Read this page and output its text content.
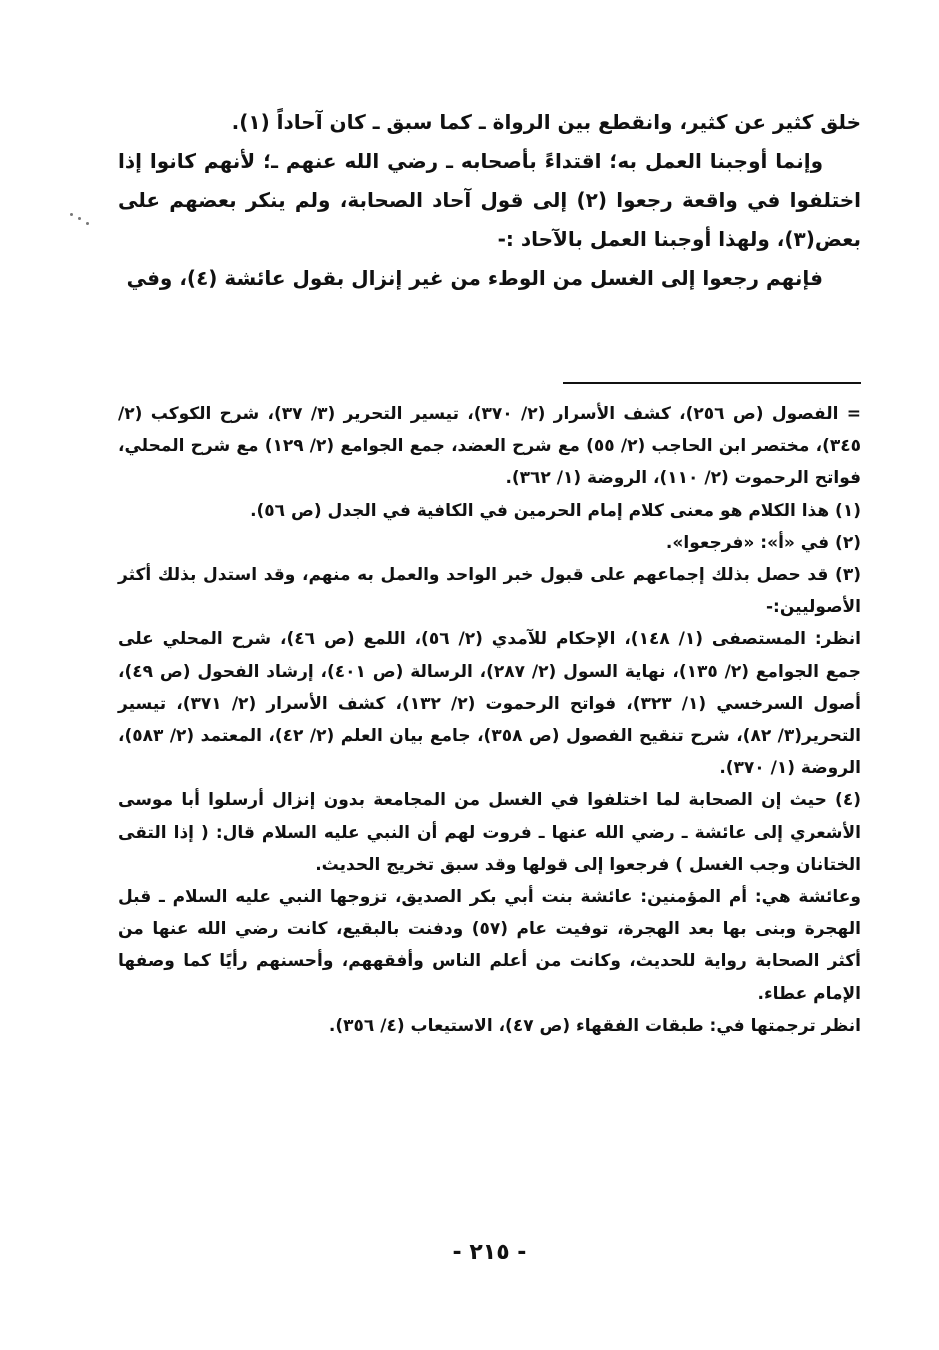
خلق كثير عن كثير، وانقطع بين الرواة ـ كما سبق ـ كان آحاداً (١).

وإنما أوجبنا العمل به؛ اقتداءً بأصحابه ـ رضي الله عنهم ـ؛ لأنهم كانوا إذا اختلفوا في واقعة رجعوا (٢) إلى قول آحاد الصحابة، ولم ينكر بعضهم على بعض(٣)، ولهذا أوجبنا العمل بالآحاد :-

فإنهم رجعوا إلى الغسل من الوطء من غير إنزال بقول عائشة (٤)، وفي

= الفصول (ص ٢٥٦)، كشف الأسرار (٢/ ٣٧٠)، تيسير التحرير (٣/ ٣٧)، شرح الكوكب (٢/ ٣٤٥)، مختصر ابن الحاجب (٢/ ٥٥) مع شرح العضد، جمع الجوامع (٢/ ١٢٩) مع شرح المحلي، فواتح الرحموت (٢/ ١١٠)، الروضة (١/ ٣٦٢).

(١) هذا الكلام هو معنى كلام إمام الحرمين في الكافية في الجدل (ص ٥٦).

(٢) في «أ»: «فرجعوا».

(٣) قد حصل بذلك إجماعهم على قبول خبر الواحد والعمل به منهم، وقد استدل بذلك أكثر الأصوليين:-

انظر: المستصفى (١/ ١٤٨)، الإحكام للآمدي (٢/ ٥٦)، اللمع (ص ٤٦)، شرح المحلي على جمع الجوامع (٢/ ١٣٥)، نهاية السول (٢/ ٢٨٧)، الرسالة (ص ٤٠١)، إرشاد الفحول (ص ٤٩)، أصول السرخسي (١/ ٣٢٣)، فواتح الرحموت (٢/ ١٣٢)، كشف الأسرار (٢/ ٣٧١)، تيسير التحرير(٣/ ٨٢)، شرح تنقيح الفصول (ص ٣٥٨)، جامع بيان العلم (٢/ ٤٢)، المعتمد (٢/ ٥٨٣)، الروضة (١/ ٣٧٠).

(٤) حيث إن الصحابة لما اختلفوا في الغسل من المجامعة بدون إنزال أرسلوا أبا موسى الأشعري إلى عائشة ـ رضي الله عنها ـ فروت لهم أن النبي عليه السلام قال: ( إذا التقى الختانان وجب الغسل ) فرجعوا إلى قولها وقد سبق تخريج الحديث.

وعائشة هي: أم المؤمنين: عائشة بنت أبي بكر الصديق، تزوجها النبي عليه السلام ـ قبل الهجرة وبنى بها بعد الهجرة، توفيت عام (٥٧) ودفنت بالبقيع، كانت رضي الله عنها من أكثر الصحابة رواية للحديث، وكانت من أعلم الناس وأفقههم، وأحسنهم رأيًا كما وصفها الإمام عطاء.

انظر ترجمتها في: طبقات الفقهاء (ص ٤٧)، الاستيعاب (٤/ ٣٥٦).

- ٢١٥ -
